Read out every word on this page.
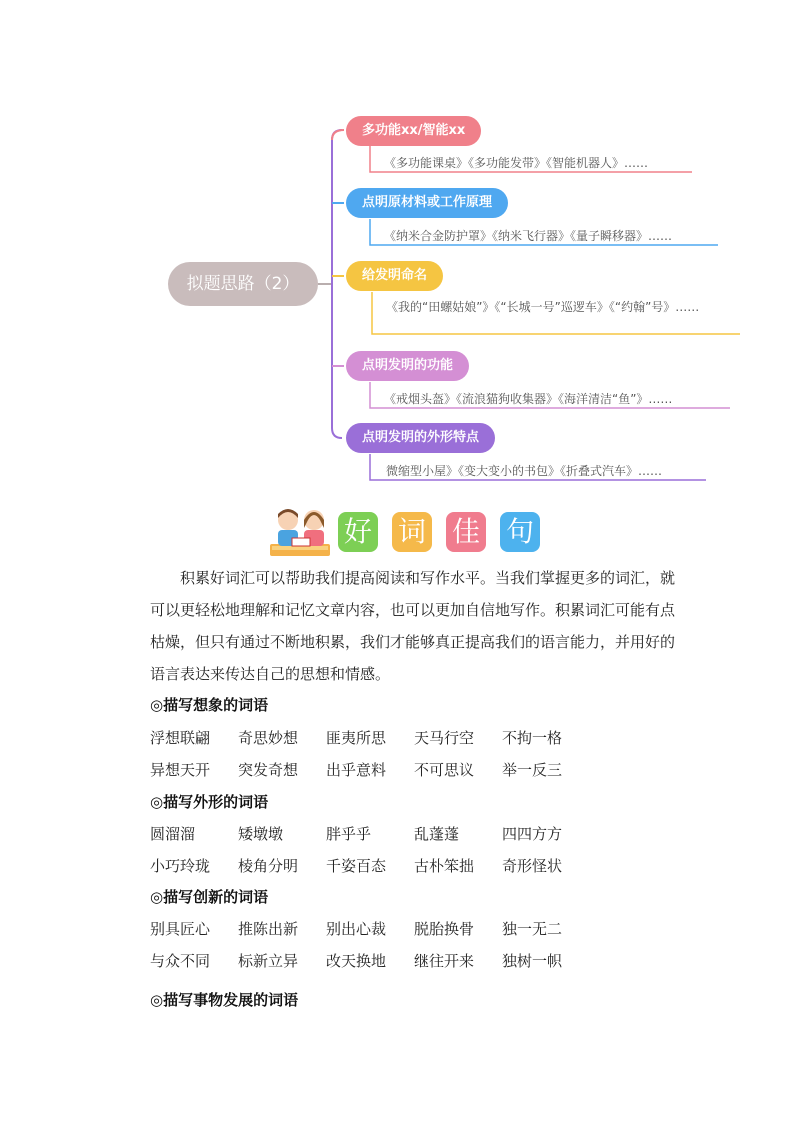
拟题思路（2）
多功能xx/智能xx
《多功能课桌》《多功能发带》《智能机器人》……
点明原材料或工作原理
《纳米合金防护罩》《纳米飞行器》《量子瞬移器》……
给发明命名
《我的“田螺姑娘”》《“长城一号”巡逻车》《“约翰”号》……
点明发明的功能
《戒烟头盔》《流浪猫狗收集器》《海洋清洁“鱼”》……
点明发明的外形特点
微缩型小屋》《变大变小的书包》《折叠式汽车》……
好 词 佳 句
积累好词汇可以帮助我们提高阅读和写作水平。当我们掌握更多的词汇，就可以更轻松地理解和记忆文章内容，也可以更加自信地写作。积累词汇可能有点枯燥，但只有通过不断地积累，我们才能够真正提高我们的语言能力，并用好的语言表达来传达自己的思想和情感。
◎描写想象的词语
浮想联翩	奇思妙想	匪夷所思	天马行空	不拘一格
异想天开	突发奇想	出乎意料	不可思议	举一反三
◎描写外形的词语
圆溜溜	矮墩墩	胖乎乎	乱蓬蓬	四四方方
小巧玲珑	棱角分明	千姿百态	古朴笨拙	奇形怪状
◎描写创新的词语
别具匠心	推陈出新	别出心裁	脱胎换骨	独一无二
与众不同	标新立异	改天换地	继往开来	独树一帜
◎描写事物发展的词语
